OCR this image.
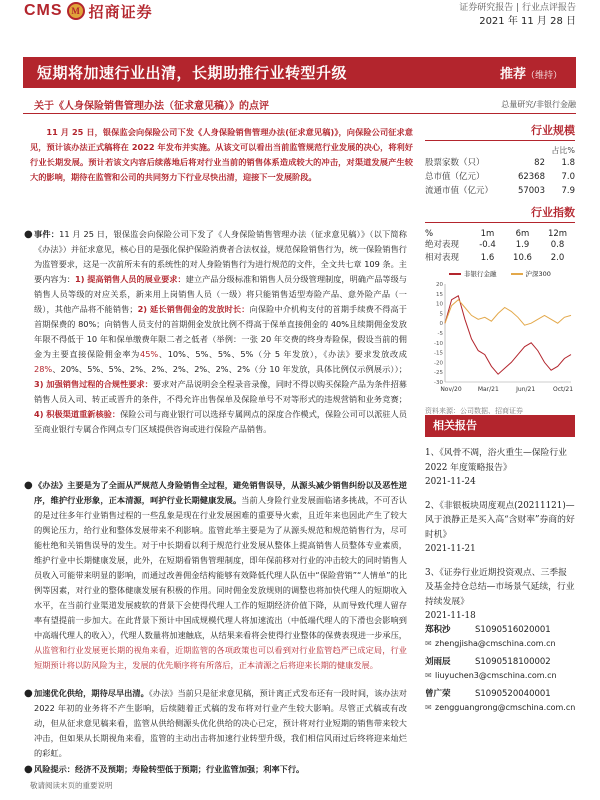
CMS M 招商证券	证券研究报告 | 行业点评报告
2021 年 11 月 28 日
短期将加速行业出清，长期助推行业转型升级	推荐（维持）
关于《人身保险销售管理办法（征求意见稿）》的点评	总量研究/非银行金融
11 月 25 日，银保监会向保险公司下发《人身保险销售管理办法(征求意见稿)》，向保险公司征求意见，预计该办法正式稿将在 2022 年发布并实施。从该文可以看出当前监管规范行业发展的决心，将利好行业长期发展。预计若该文内容后续落地后将对行业当前的销售体系造成较大的冲击，对渠道发展产生较大的影响，期待在监管和公司的共同努力下行业尽快出清，迎接下一发展阶段。
● 事件：11 月 25 日，银保监会向保险公司下发了《人身保险销售管理办法（征求意见稿）》（以下简称《办法》）并征求意见，核心目的是强化保护保险消费者合法权益，规范保险销售行为，统一保险销售行为监管要求，这是一次前所未有的系统性的对人身险销售行为进行规范的文件，全文共七章 109 条。主要内容为：1) 提高销售人员的展业要求：建立产品分级标准和销售人员分级管理制度，明确产品等级与销售人员等级的对应关系，新来用上岗销售人员（一级）将只能销售适型寿险产品、意外险产品（一级），其他产品将不能销售；2) 延长销售佣金的发放时长：向保险中介机构支付的首期手续费不得高于首期保费的 80%；向销售人员支付的首期佣金发放比例不得高于保单直接佣金的 40%且续期佣金发放年限不得低于 10 年和保单缴费年限二者之低者（举例：一张 20 年交费的终身寿险保，假设当前的佣金为主要直接保险佣金率为45%、10%、5%、5%、5%（分 5 年发放），《办法》要求发放改成28%、20%、5%、5%、2%、2%、2%、2%、2%、2%（分 10 年发放，具体比例仅示例展示））；3) 加强销售过程的合规性要求：要求对产品说明会全程录音录像，同时不得以购买保险产品为条件招募销售人员入司、转正或晋升的条件，不得允许出售保单及保险单号不对等形式的违规营销和业务竞赛；4) 积极渠道重新核验：保险公司与商业银行可以选择专属网点的深度合作模式，保险公司可以派驻人员至商业银行专属合作网点专门区域提供咨询或进行保险产品销售。
● 《办法》主要是为了全面从严规范人身险销售全过程，避免销售误导，从源头减少销售纠纷以及恶性逆序，维护行业形象，正本清源，呵护行业长期健康发展。当前人身险行业发展面临诸多挑战，不可否认的是过往多年行业销售过程的一些乱象是现在行业发展困难的重要导火索，且近年来也因此产生了较大的舆论压力，给行业和整体发展带来不利影响。监管此举主要是为了从源头规范和规范销售行为，尽可能杜绝和关销售误导的发生。对于中长期看以利于规范行业发展从整体上提高销售人员整体专业素质，维护行业中长期健康发展，此外，在短期看销售管理制度，即年保前移对行业的冲击较大的同时销售人员收入可能带来明显的影响，而通过改善佣金结构能够有效降低代理人队伍中“保险营销”“人情单”的比例等因素，对行业的整体健康发展有积极的作用。同时佣金发放规则的调整也将加快代理人的短期收入水平，在当前行业渠道发展疲软的背景下会使得代理人工作的短期经济价值下降，从而导致代理人留存率有望提前一步加大。在此背景下预计中国成规模代理人将加速流出（中低端代理人的下滑也会影响到中高端代理人的收入），代理人数量将加速触底，从结果来看将会使得行业整体的保费表现进一步承压，从监管和行业发展更长期的视角来看，近期监管的各项政策也可以看到对行业监管趋严已成定局，行业短期预计将以防风险为主，发展的优先顺序将有所落后，正本清源之后将迎来长期的健康发展。
● 加速优化供给，期待尽早出清。《办法》当前只是征求意见稿，预计离正式发布还有一段时间，该办法对 2022 年初的业务将不产生影响，后续随着正式稿的发布将对行业产生较大影响。尽管正式稿或有改动，但从征求意见稿来看，监管从供给侧源头优化供给的决心已定，预计将对行业短期的销售带来较大冲击，但如果从长期视角来看，监管的主动出击将加速行业转型升级，我们相信风雨过后终将迎来灿烂的彩虹。
● 风险提示：经济不及预期；寿险转型低于预期；行业监管加强；利率下行。
行业规模
占比%
股票家数（只）	82	1.8
总市值（亿元）	62368	7.0
流通市值（亿元）	57003	7.9
行业指数
%	1m	6m	12m
绝对表现	-0.4	1.9	0.8
相对表现	1.6	10.6	2.0
非银行金融	沪深300
20
15
10
5
0
-5
-10
-15
-20
-25
-30
Nov/20	Mar/21	Jun/21	Oct/21
资料来源：公司数据、招商证券
相关报告
1、《风骨不凋，浴火重生—保险行业 2022 年度策略报告》
2021-11-24
2、《非银板块周度观点(20211121)—风于浪静正是买入高“含财率”券商的好时机》
2021-11-21
3、《证券行业近期投资观点、三季报及基金持仓总结—市场景气延续，行业持续发展》
2021-11-18
郑积沙	S1090516020001
✉ zhengjisha@cmschina.com.cn
刘雨辰	S1090518100002
✉ liuyuchen3@cmschina.com.cn
曾广荣	S1090520040001
✉ zengguangrong@cmschina.com.cn
敬请阅读末页的重要说明
